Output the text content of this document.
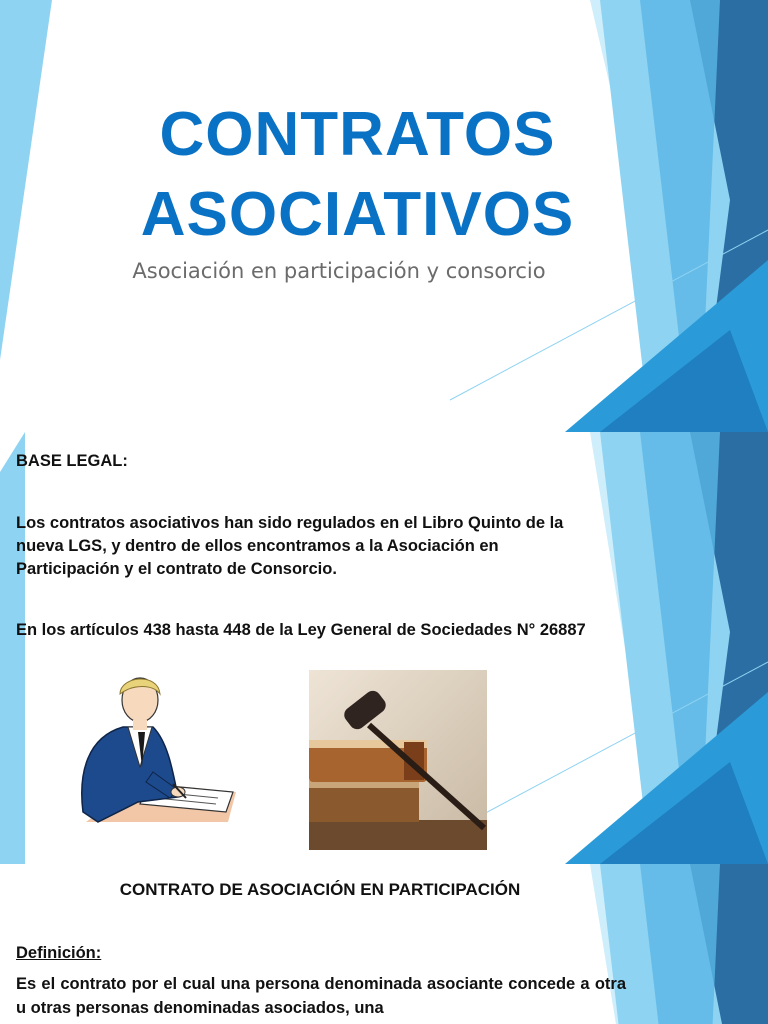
CONTRATOS
ASOCIATIVOS
Asociación en participación y consorcio
BASE LEGAL:
Los contratos asociativos han sido regulados en el Libro Quinto de la nueva LGS, y dentro de ellos encontramos a la Asociación en Participación y el contrato de Consorcio.
En los artículos 438 hasta 448 de la Ley General de Sociedades N° 26887
CONTRATO DE ASOCIACIÓN EN PARTICIPACIÓN
Definición:
Es el contrato por el cual una persona denominada asociante concede a otra u otras personas denominadas asociados, una
